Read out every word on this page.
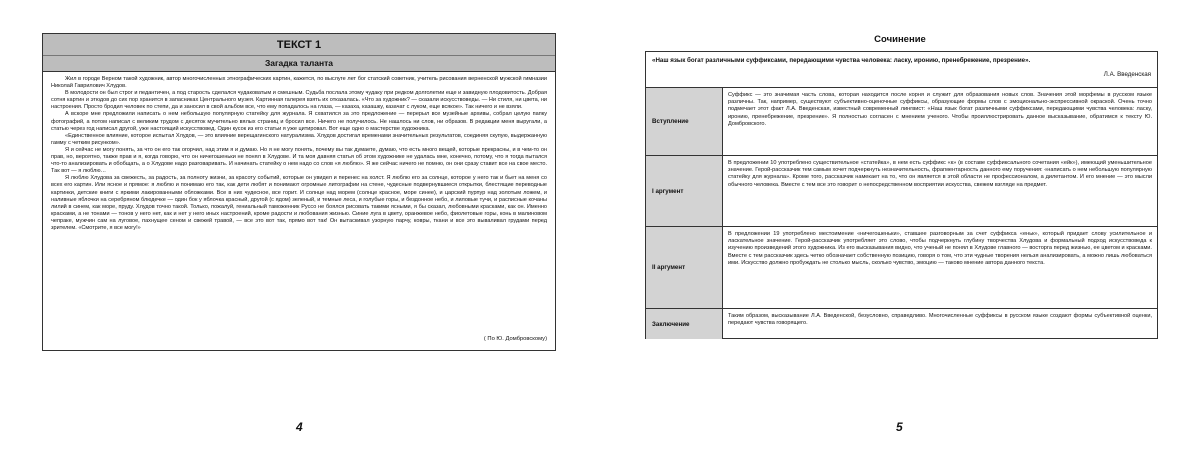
ТЕКСТ 1
Загадка таланта

Жил в городе Верном такой художник, автор многочисленных этнографических картин, кажется, по выслуге лет бог статский советник, учитель рисования верненской мужской гимназии Николай Гаврилович Хлудов.

В молодости он был строг и педантичен, а под старость сделался чудаковатым и смешным. Судьба послала этому чудаку при редком долголетии еще и завидную плодовитость. Добрая сотня картин и этюдов до сих пор хранится в запасниках Центрального музея. Картинная галерея взять их отказалась. «Что за художник? — сказали искусствоведы. — Ни стиля, ни цвета, ни настроения. Просто бродил человек по степи, да и заносил в свой альбом все, что ему попадалось на глаза, — казаха, казашку, казачат с луком, еще всякое». Так ничего и не взяли.

А вскоре мне предложили написать о нем небольшую популярную статейку для журнала. Я схватился за это предложение — перерыл все музейные архивы, собрал целую папку фотографий, а потом написал с великим трудом с десяток мучительно вялых страниц и бросил все. Ничего не получилось. Не нашлось ни слов, ни образов. В редакции меня выругали, а статью через год написал другой, уже настоящий искусствовед. Один кусок из его статьи я уже цитировал. Вот еще одно о мастерстве художника.

«Единственное влияние, которое испытал Хлудов, — это влияние верещагинского натурализма. Хлудов достигал временами значительных результатов, соединяя скупую, выдержанную гамму с четким рисунком».

Я и сейчас не могу понять, за что он его так огорчил, над этим я и думаю. Но я не могу понять, почему вы так думаете, думаю, что есть много вещей, которые прекрасны, и в чем-то он прав, но, вероятно, также прав и я, когда говорю, что он ничегошеньки не понял в Хлудове. И та моя давняя статья об этом художнике не удалась мне, конечно, потому, что я тогда пытался что-то анализировать и обобщать, а о Хлудове надо разговаривать. И начинать статейку о нем надо со слов «я люблю». Я же сейчас ничего не помню, он они сразу ставит все на свое место. Так вот — я люблю…

Я люблю Хлудова за свежесть, за радость, за полноту жизни, за красоту событий, которые он увидел и перенес на холст. Я люблю его за солнце, которое у него так и бьет на меня со всех его картин. Или ясное и прямое: я люблю и понимаю его так, как дети любят и понимают огромные литографии на стене, чудесные подвернувшиеся открытки, блестящие переводные картинки, детские книги с яркими лакированными обложками. Все в них чудесное, все горит. И солнце над морем (солнце красное, море синее), и царский пурпур над золотым ложем, и наливные яблочки на серебряном блюдечке — один бок у яблочка красный, другой (с ядом) зеленый, и темные леса, и голубые горы, и бездонное небо, и лиловые тучи, и расписные кочаны лилий в синем, как море, пруду. Хлудов точно такой. Только, пожалуй, гениальный таможенник Руссо не боялся рисовать такими ясными, я бы сказал, любовными красками, как он. Именно красками, а не тонами — тонов у него нет, как и нет у него иных настроений, кроме радости и любования жизнью. Синие луга в цвету, оранжевое небо, фиолетовые горы, конь в малиновом чепраке, мужчин сам на луговое, пахнущее сеном и свежей травой, — все это вот так, прямо вот так! Он вытаскивал узорную парчу, ковры, ткани и все это вываливал грудами перед зрителем. «Смотрите, я все могу!»

( По Ю. Домбровскому)
4
Сочинение
«Наш язык богат различными суффиксами, передающими чувства человека: ласку, иронию, пренебрежение, презрение».
Л.А. Введенская
Вступление
Суффикс — это значимая часть слова, которая находится после корня и служит для образования новых слов. Значения этой морфемы в русском языке различны. Так, например, существуют субъективно-оценочные суффиксы, образующие формы слов с эмоционально-экспрессивной окраской. Очень точно подмечает этот факт Л.А. Введенская, известный современный лингвист: «Наш язык богат различными суффиксами, передающими чувства человека: ласку, иронию, пренебрежение, презрение». Я полностью согласен с мнением ученого. Чтобы проиллюстрировать данное высказывание, обратимся к тексту Ю. Домбровского.
I аргумент
В предложении 10 употреблено существительное «статейка», в нем есть суффикс «к» (в составе суффиксального сочетания «ейк»), имеющий уменьшительное значение. Герой-рассказчик тем самым хочет подчеркнуть незначительность, фрагментарность данного ему поручения: «написать о нем небольшую популярную статейку для журнала». Кроме того, рассказчик намекает на то, что он является в этой области не профессионалом, а дилетантом. И его мнение — это мысли обычного человека. Вместе с тем все это говорит о непосредственном восприятии искусства, свежем взгляде на предмет.
II аргумент
В предложении 19 употреблено местоимение «ничегошеньки», ставшее разговорным за счет суффикса «еньк», который придает слову усилительное и ласкательное значение. Герой-рассказчик употребляет это слово, чтобы подчеркнуть глубину творчества Хлудова и формальный подход искусствоведа к изучению произведений этого художника. Из его высказывания видно, что ученый не понял в Хлудове главного — восторга перед жизнью, ее цветом и красками. Вместе с тем рассказчик здесь четко обозначает собственную позицию, говоря о том, что эти чудные творения нельзя анализировать, а можно лишь любоваться ими. Искусство должно пробуждать не столько мысль, сколько чувство, эмоцию — таково мнение автора данного текста.
Заключение
Таким образом, высказывание Л.А. Введенской, безусловно, справедливо. Многочисленные суффиксы в русском языке создают формы субъективной оценки, передают чувства говорящего.
5
